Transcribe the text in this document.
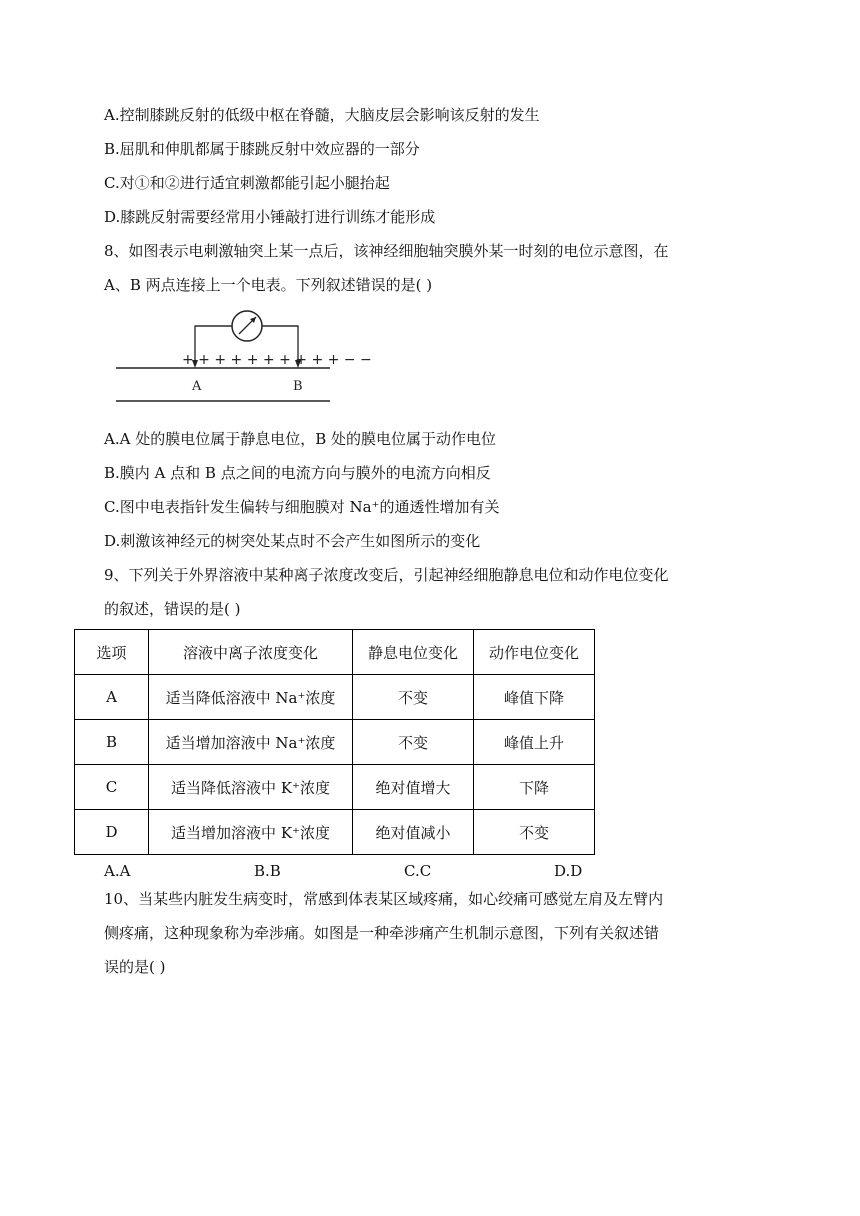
A.控制膝跳反射的低级中枢在脊髓，大脑皮层会影响该反射的发生
B.屈肌和伸肌都属于膝跳反射中效应器的一部分
C.对①和②进行适宜刺激都能引起小腿抬起
D.膝跳反射需要经常用小锤敲打进行训练才能形成
8、如图表示电刺激轴突上某一点后，该神经细胞轴突膜外某一时刻的电位示意图，在
A、B 两点连接上一个电表。下列叙述错误的是( )
+ + + + + + + + + + − −
A	B
A.A 处的膜电位属于静息电位，B 处的膜电位属于动作电位
B.膜内 A 点和 B 点之间的电流方向与膜外的电流方向相反
C.图中电表指针发生偏转与细胞膜对 Na⁺的通透性增加有关
D.刺激该神经元的树突处某点时不会产生如图所示的变化
9、下列关于外界溶液中某种离子浓度改变后，引起神经细胞静息电位和动作电位变化
的叙述，错误的是( )
选项	溶液中离子浓度变化	静息电位变化	动作电位变化
A	适当降低溶液中 Na⁺浓度	不变	峰值下降
B	适当增加溶液中 Na⁺浓度	不变	峰值上升
C	适当降低溶液中 K⁺浓度	绝对值增大	下降
D	适当增加溶液中 K⁺浓度	绝对值减小	不变
A.A	B.B	C.C	D.D
10、当某些内脏发生病变时，常感到体表某区域疼痛，如心绞痛可感觉左肩及左臂内
侧疼痛，这种现象称为牵涉痛。如图是一种牵涉痛产生机制示意图，下列有关叙述错
误的是( )
